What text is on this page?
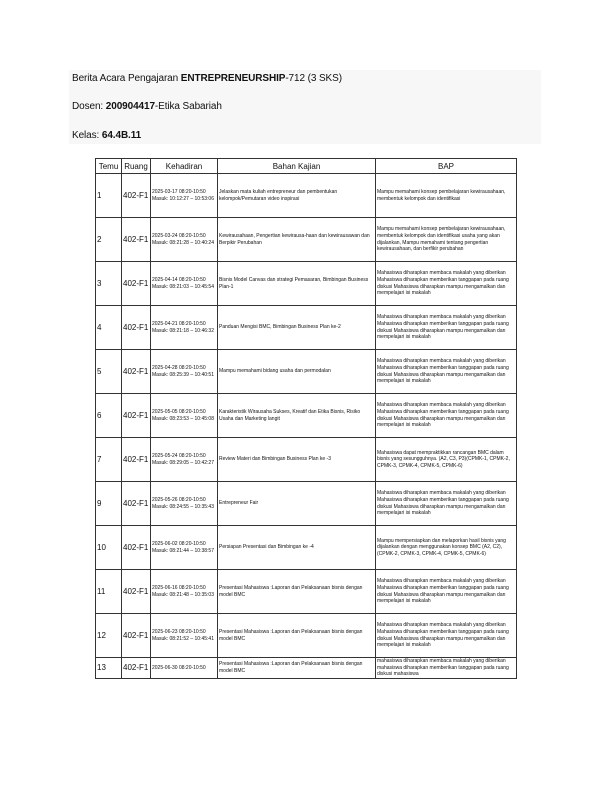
Berita Acara Pengajaran ENTREPRENEURSHIP-712 (3 SKS)
Dosen: 200904417-Etika Sabariah
Kelas: 64.4B.11
Temu	Ruang	Kehadiran	Bahan Kajian	BAP

1	402-F1	2025-03-17 08:20-10:50 Masuk: 10:12:27 – 10:53:06	Jelaskan mata kuliah entrepreneur dan pembentukan kelompok/Pemutaran video inspirasi	Mampu memahami konsep pembelajaran kewirausahaan, membentuk kelompok dan identifikasi

2	402-F1	2025-03-24 08:20-10:50 Masuk: 08:21:28 – 10:40:24	Kewirausahaan, Pengertian kewirausa-haan dan kewirausawan dan Berpikir Perubahan	Mampu memahami konsep pembelajaran kewirausahaan, membentuk kelompok dan identifikasi usaha yang akan dijalankan, Mampu memahami tentang pengertian kewirausahaan, dan berfikir perubahan

3	402-F1	2025-04-14 08:20-10:50 Masuk: 08:21:03 – 10:45:54	Bisnis Model Canvas dan strategi Pemasaran, Bimbingan Business Plan-1	Mahasiswa diharapkan membaca makalah yang diberikan Mahasiswa diharapkan memberikan tanggapan pada ruang diskusi Mahasiswa diharapkan mampu mengamalkan dan mempelajari isi makalah

4	402-F1	2025-04-21 08:20-10:50 Masuk: 08:21:18 – 10:46:32	Panduan Mengisi BMC, Bimbingan Business Plan ke-2	Mahasiswa diharapkan membaca makalah yang diberikan Mahasiswa diharapkan memberikan tanggapan pada ruang diskusi Mahasiswa diharapkan mampu mengamalkan dan mempelajari isi makalah

5	402-F1	2025-04-28 08:20-10:50 Masuk: 08:25:39 – 10:40:51	Mampu memahami bidang usaha dan permodalan	Mahasiswa diharapkan membaca makalah yang diberikan Mahasiswa diharapkan memberikan tanggapan pada ruang diskusi Mahasiswa diharapkan mampu mengamalkan dan mempelajari isi makalah

6	402-F1	2025-05-05 08:20-10:50 Masuk: 08:23:53 – 10:45:08	Karakteristik Wirausaha Sukses, Kreatif dan Etika Bisnis, Risiko Usaha dan Marketing langit	Mahasiswa diharapkan membaca makalah yang diberikan Mahasiswa diharapkan memberikan tanggapan pada ruang diskusi Mahasiswa diharapkan mampu mengamalkan dan mempelajari isi makalah

7	402-F1	2025-05-24 08:20-10:50 Masuk: 08:29:05 – 10:42:27	Review Materi dan Bimbingan Business Plan ke -3	Mahasiswa dapat mempraktikkan rancangan BMC dalam bisnis yang sesungguhnya. (A2, C3, P3)(CPMK-1, CPMK-2, CPMK-3, CPMK-4, CPMK-5, CPMK-6)

9	402-F1	2025-05-26 08:20-10:50 Masuk: 08:24:55 – 10:35:43	Entrepreneur Fair	Mahasiswa diharapkan membaca makalah yang diberikan Mahasiswa diharapkan memberikan tanggapan pada ruang diskusi Mahasiswa diharapkan mampu mengamalkan dan mempelajari isi makalah

10	402-F1	2025-06-02 08:20-10:50 Masuk: 08:21:44 – 10:38:57	Persiapan Presentasi dan Bimbingan ke -4	Mampu mempersiapkan dan melaporkan hasil bisnis yang dijalankan dengan menggunakan konsep BMC (A2, C2), (CPMK-2, CPMK-3, CPMK-4, CPMK-5, CPMK-6)

11	402-F1	2025-06-16 08:20-10:50 Masuk: 08:21:48 – 10:35:03	Presentasi Mahasiswa :Laporan dan Pelaksanaan bisnis dengan model BMC	Mahasiswa diharapkan membaca makalah yang diberikan Mahasiswa diharapkan memberikan tanggapan pada ruang diskusi Mahasiswa diharapkan mampu mengamalkan dan mempelajari isi makalah

12	402-F1	2025-06-23 08:20-10:50 Masuk: 08:21:52 – 10:45:41	Presentasi Mahasiswa :Laporan dan Pelaksanaan bisnis dengan model BMC	Mahasiswa diharapkan membaca makalah yang diberikan Mahasiswa diharapkan memberikan tanggapan pada ruang diskusi Mahasiswa diharapkan mampu mengamalkan dan mempelajari isi makalah

13	402-F1	2025-06-30 08:20-10:50	Presentasi Mahasiswa :Laporan dan Pelaksanaan bisnis dengan model BMC	mahasiswa diharapkan membaca makalah yang diberikan mahasiswa diharapkan memberikan tanggapan pada ruang diskusi mahasiswa
